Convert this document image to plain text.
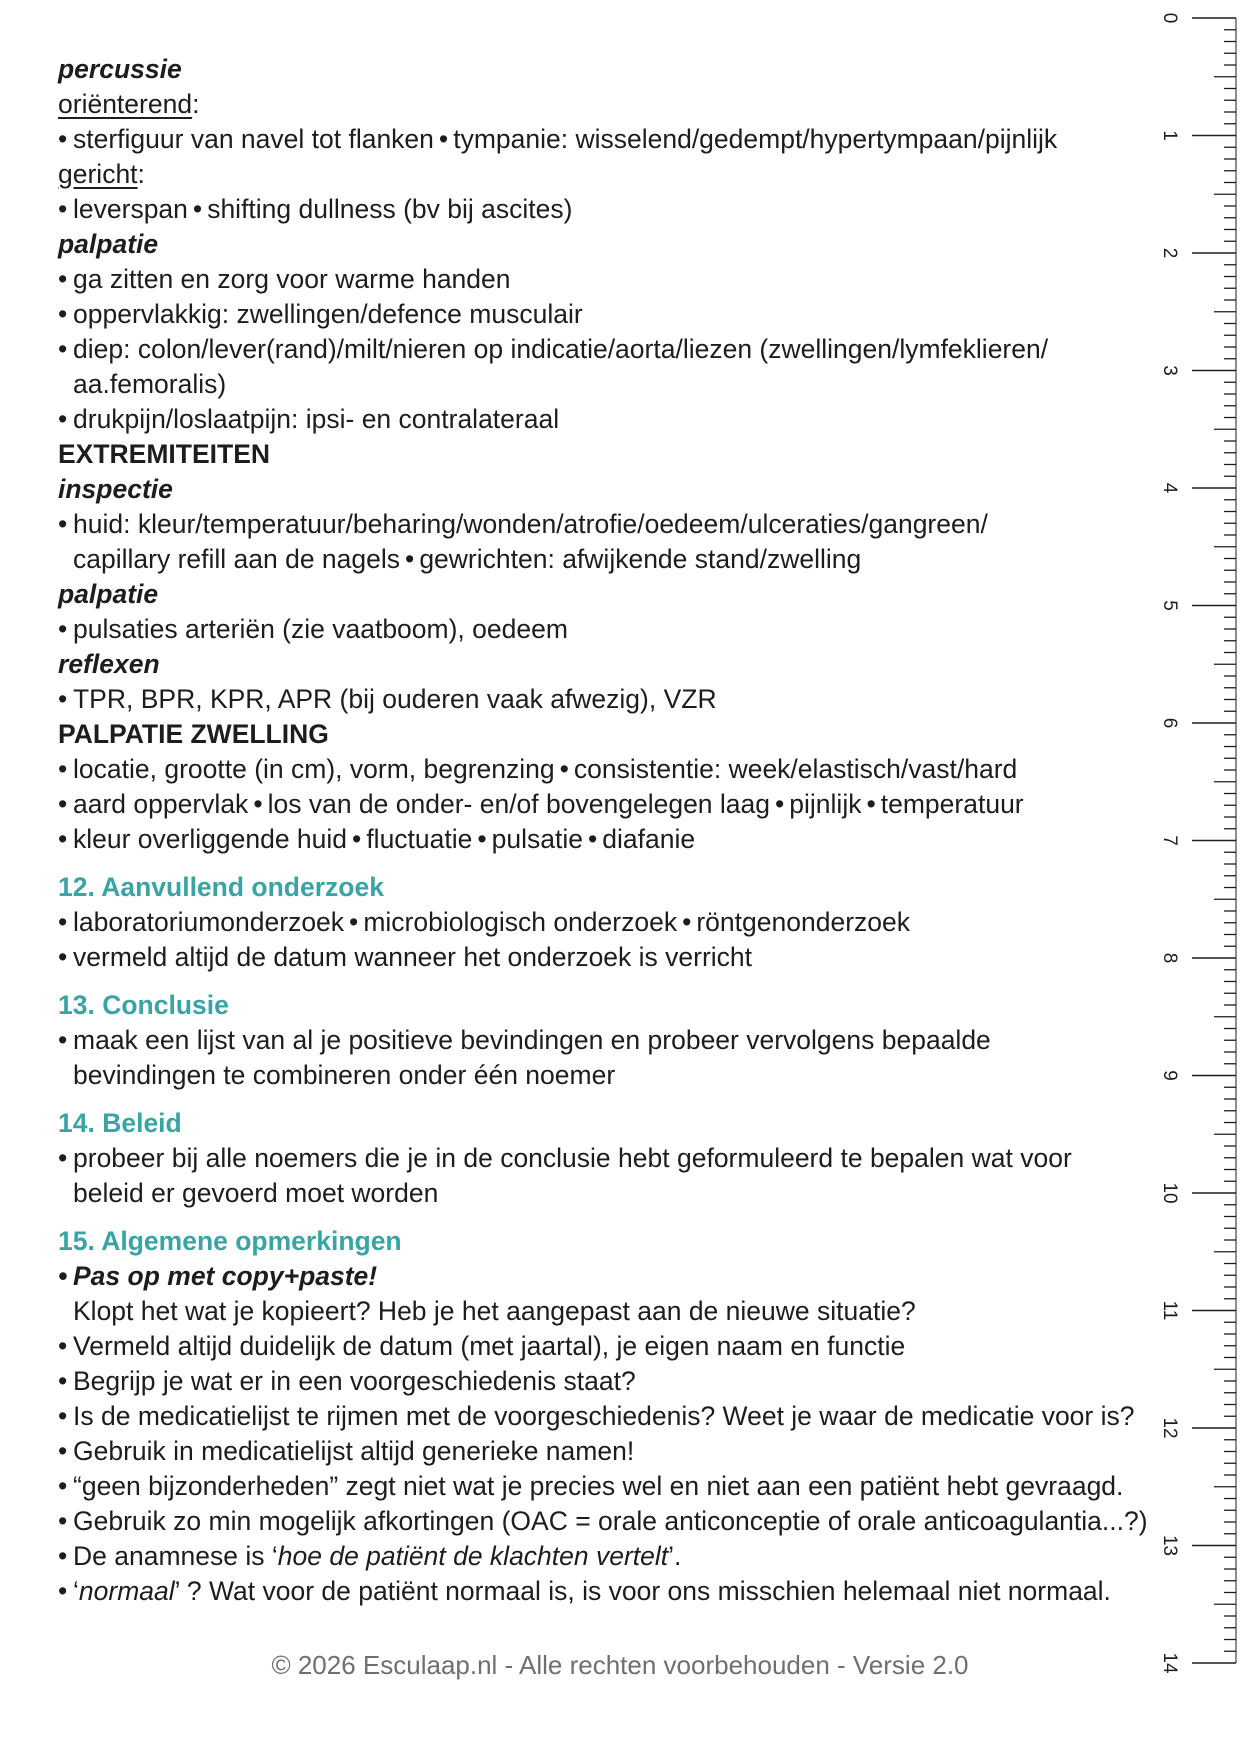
percussie
oriënterend:
• sterfiguur van navel tot flanken • tympanie: wisselend/gedempt/hypertympaan/pijnlijk
gericht:
• leverspan • shifting dullness (bv bij ascites)
palpatie
• ga zitten en zorg voor warme handen
• oppervlakkig: zwellingen/defence musculair
• diep: colon/lever(rand)/milt/nieren op indicatie/aorta/liezen (zwellingen/lymfeklieren/
aa.femoralis)
• drukpijn/loslaatpijn: ipsi- en contralateraal
EXTREMITEITEN
inspectie
• huid: kleur/temperatuur/beharing/wonden/atrofie/oedeem/ulceraties/gangreen/
capillary refill aan de nagels • gewrichten: afwijkende stand/zwelling
palpatie
• pulsaties arteriën (zie vaatboom), oedeem
reflexen
• TPR, BPR, KPR, APR (bij ouderen vaak afwezig), VZR
PALPATIE ZWELLING
• locatie, grootte (in cm), vorm, begrenzing • consistentie: week/elastisch/vast/hard
• aard oppervlak • los van de onder- en/of bovengelegen laag • pijnlijk • temperatuur
• kleur overliggende huid • fluctuatie • pulsatie • diafanie
12. Aanvullend onderzoek
• laboratoriumonderzoek • microbiologisch onderzoek • röntgenonderzoek
• vermeld altijd de datum wanneer het onderzoek is verricht
13. Conclusie
• maak een lijst van al je positieve bevindingen en probeer vervolgens bepaalde
bevindingen te combineren onder één noemer
14. Beleid
• probeer bij alle noemers die je in de conclusie hebt geformuleerd te bepalen wat voor
beleid er gevoerd moet worden
15. Algemene opmerkingen
• Pas op met copy+paste!
Klopt het wat je kopieert? Heb je het aangepast aan de nieuwe situatie?
• Vermeld altijd duidelijk de datum (met jaartal), je eigen naam en functie
• Begrijp je wat er in een voorgeschiedenis staat?
• Is de medicatielijst te rijmen met de voorgeschiedenis? Weet je waar de medicatie voor is?
• Gebruik in medicatielijst altijd generieke namen!
• “geen bijzonderheden” zegt niet wat je precies wel en niet aan een patiënt hebt gevraagd.
• Gebruik zo min mogelijk afkortingen (OAC = orale anticonceptie of orale anticoagulantia...?)
• De anamnese is ‘hoe de patiënt de klachten vertelt’.
• ‘normaal’ ? Wat voor de patiënt normaal is, is voor ons misschien helemaal niet normaal.
© 2026 Esculaap.nl - Alle rechten voorbehouden - Versie 2.0
0
1
2
3
4
5
6
7
8
9
10
11
12
13
14
